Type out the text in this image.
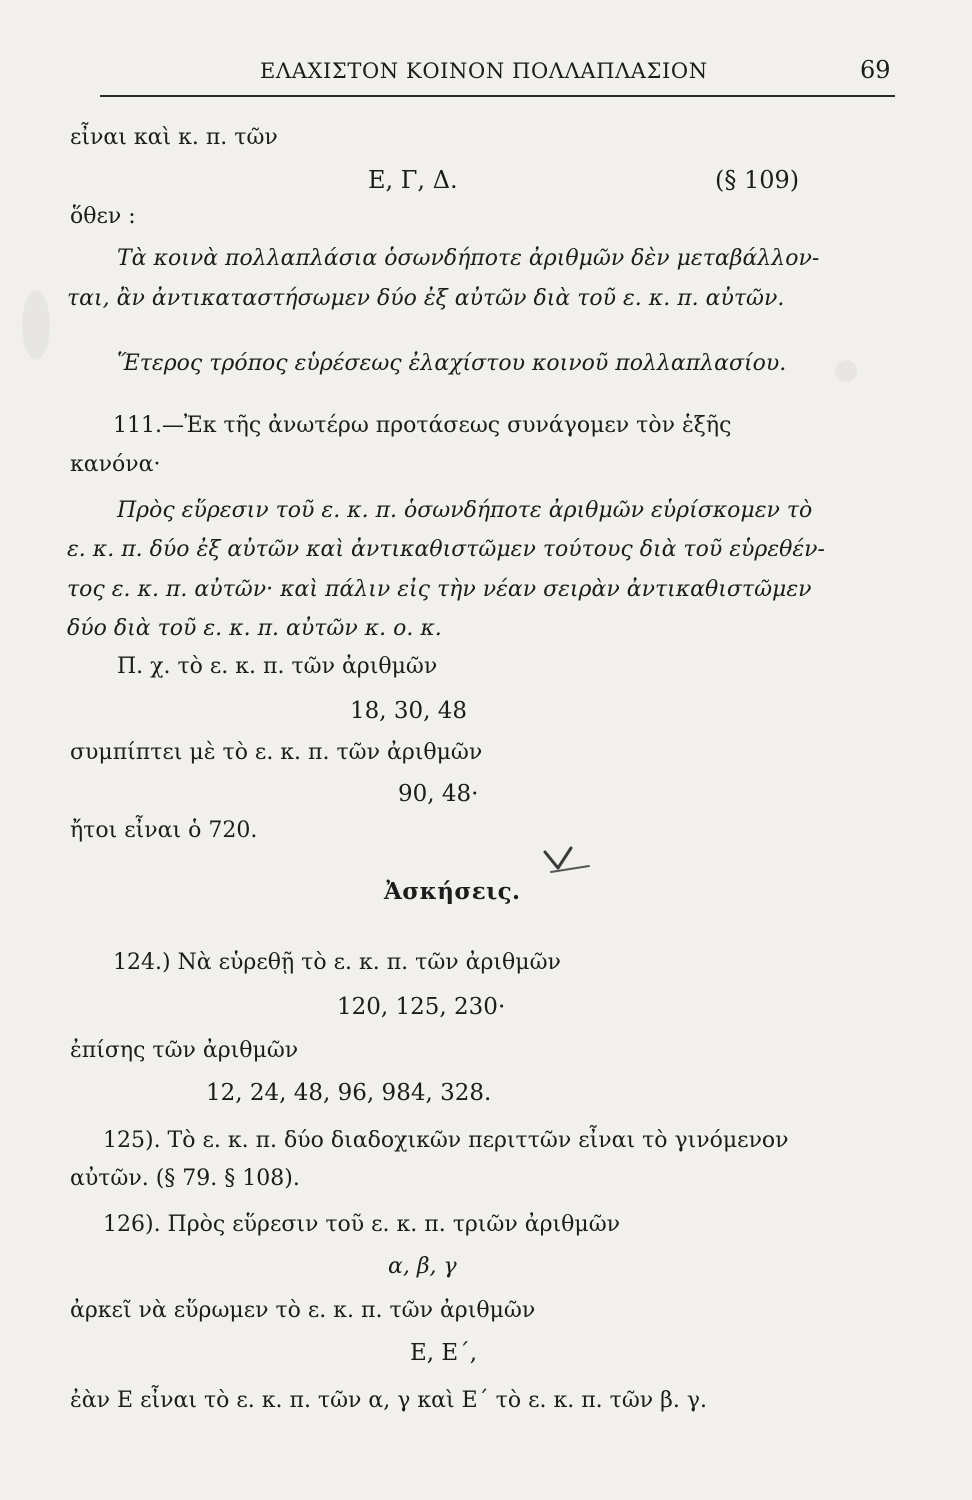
ΕΛΑΧΙΣΤΟΝ ΚΟΙΝΟΝ ΠΟΛΛΑΠΛΑΣΙΟΝ	69
εἶναι καὶ κ. π. τῶν
Ε, Γ, Δ.	(§ 109)
ὅθεν :
Τὰ κοινὰ πολλαπλάσια ὁσωνδήποτε ἀριθμῶν δὲν μεταβάλλον-
ται, ἂν ἀντικαταστήσωμεν δύο ἐξ αὐτῶν διὰ τοῦ ε. κ. π. αὐτῶν.
Ἕτερος τρόπος εὑρέσεως ἐλαχίστου κοινοῦ πολλαπλασίου.
111.—Ἐκ τῆς ἀνωτέρω προτάσεως συνάγομεν τὸν ἑξῆς
κανόνα·
Πρὸς εὕρεσιν τοῦ ε. κ. π. ὁσωνδήποτε ἀριθμῶν εὑρίσκομεν τὸ
ε. κ. π. δύο ἐξ αὐτῶν καὶ ἀντικαθιστῶμεν τούτους διὰ τοῦ εὑρεθέν-
τος ε. κ. π. αὐτῶν· καὶ πάλιν εἰς τὴν νέαν σειρὰν ἀντικαθιστῶμεν
δύο διὰ τοῦ ε. κ. π. αὐτῶν κ. ο. κ.
Π. χ. τὸ ε. κ. π. τῶν ἀριθμῶν
18, 30, 48
συμπίπτει μὲ τὸ ε. κ. π. τῶν ἀριθμῶν
90, 48·
ἤτοι εἶναι ὁ 720.
Ἀσκήσεις.
124.) Νὰ εὑρεθῇ τὸ ε. κ. π. τῶν ἀριθμῶν
120, 125, 230·
ἐπίσης τῶν ἀριθμῶν
12, 24, 48, 96, 984, 328.
125). Τὸ ε. κ. π. δύο διαδοχικῶν περιττῶν εἶναι τὸ γινόμενον
αὐτῶν. (§ 79. § 108).
126). Πρὸς εὕρεσιν τοῦ ε. κ. π. τριῶν ἀριθμῶν
α, β, γ
ἀρκεῖ νὰ εὕρωμεν τὸ ε. κ. π. τῶν ἀριθμῶν
Ε, Ε΄,
ἐὰν Ε εἶναι τὸ ε. κ. π. τῶν α, γ καὶ Ε΄ τὸ ε. κ. π. τῶν β. γ.
